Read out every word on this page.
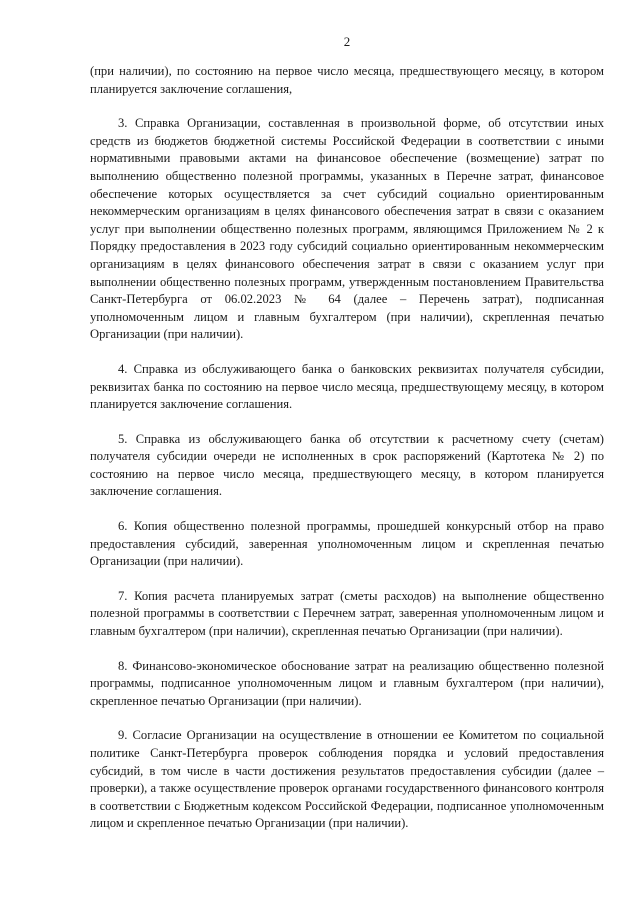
2

(при наличии), по состоянию на первое число месяца, предшествующего месяцу, в котором планируется заключение соглашения,

3. Справка Организации, составленная в произвольной форме, об отсутствии иных средств из бюджетов бюджетной системы Российской Федерации в соответствии с иными нормативными правовыми актами на финансовое обеспечение (возмещение) затрат по выполнению общественно полезной программы, указанных в Перечне затрат, финансовое обеспечение которых осуществляется за счет субсидий социально ориентированным некоммерческим организациям в целях финансового обеспечения затрат в связи с оказанием услуг при выполнении общественно полезных программ, являющимся Приложением № 2 к Порядку предоставления в 2023 году субсидий социально ориентированным некоммерческим организациям в целях финансового обеспечения затрат в связи с оказанием услуг при выполнении общественно полезных программ, утвержденным постановлением Правительства Санкт-Петербурга от 06.02.2023 № 64 (далее – Перечень затрат), подписанная уполномоченным лицом и главным бухгалтером (при наличии), скрепленная печатью Организации (при наличии).

4. Справка из обслуживающего банка о банковских реквизитах получателя субсидии, реквизитах банка по состоянию на первое число месяца, предшествующему месяцу, в котором планируется заключение соглашения.

5. Справка из обслуживающего банка об отсутствии к расчетному счету (счетам) получателя субсидии очереди не исполненных в срок распоряжений (Картотека № 2) по состоянию на первое число месяца, предшествующего месяцу, в котором планируется заключение соглашения.

6. Копия общественно полезной программы, прошедшей конкурсный отбор на право предоставления субсидий, заверенная уполномоченным лицом и скрепленная печатью Организации (при наличии).

7. Копия расчета планируемых затрат (сметы расходов) на выполнение общественно полезной программы в соответствии с Перечнем затрат, заверенная уполномоченным лицом и главным бухгалтером (при наличии), скрепленная печатью Организации (при наличии).

8. Финансово-экономическое обоснование затрат на реализацию общественно полезной программы, подписанное уполномоченным лицом и главным бухгалтером (при наличии), скрепленное печатью Организации (при наличии).

9. Согласие Организации на осуществление в отношении ее Комитетом по социальной политике Санкт-Петербурга проверок соблюдения порядка и условий предоставления субсидий, в том числе в части достижения результатов предоставления субсидии (далее – проверки), а также осуществление проверок органами государственного финансового контроля в соответствии с Бюджетным кодексом Российской Федерации, подписанное уполномоченным лицом и скрепленное печатью Организации (при наличии).
